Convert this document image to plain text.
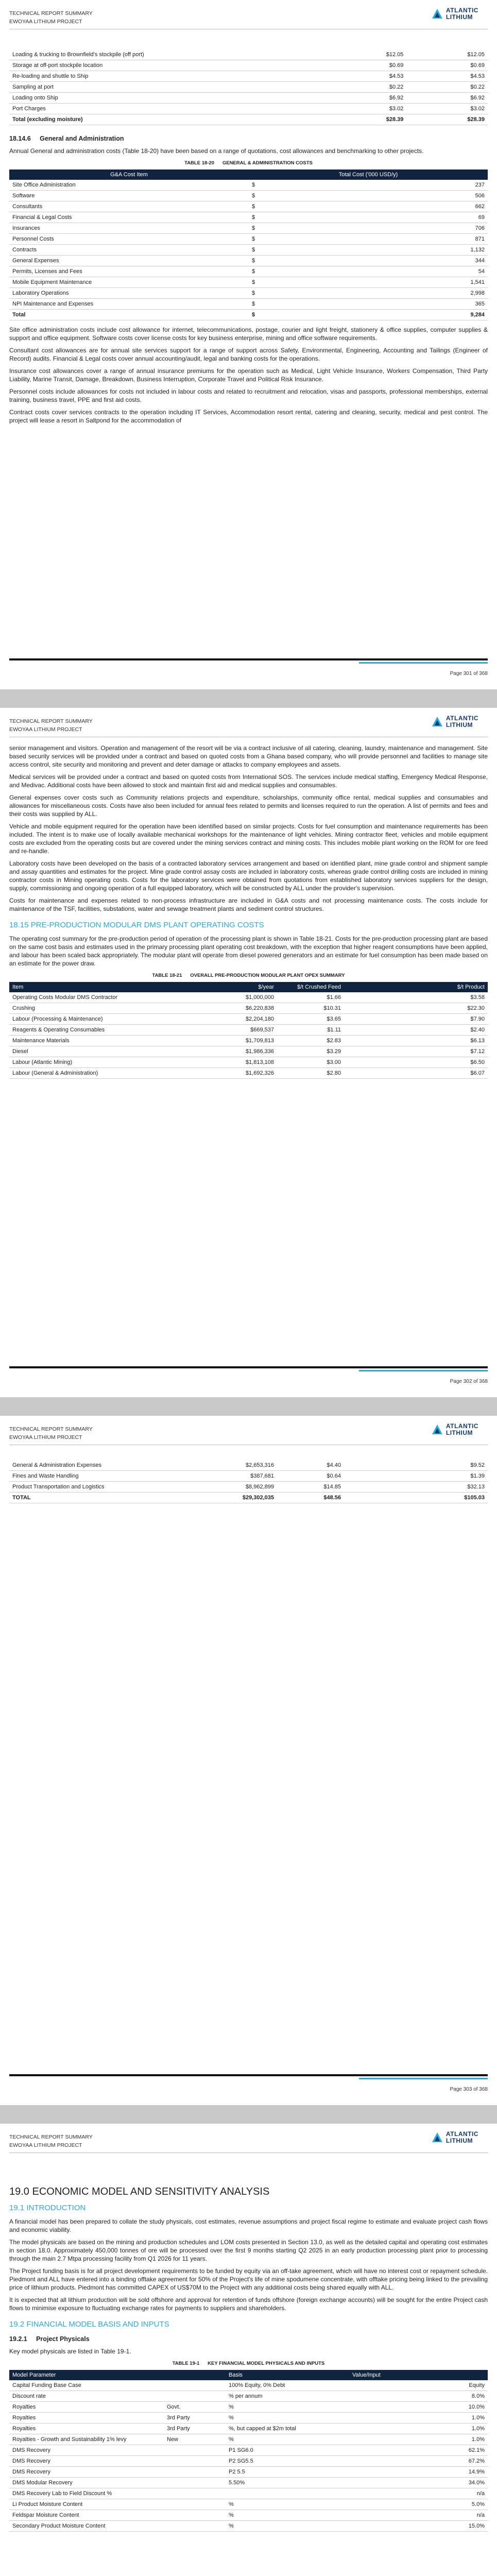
TECHNICAL REPORT SUMMARY
EWOYAA LITHIUM PROJECT
ATLANTIC
LITHIUM
Loading & trucking to Brownfield's stockpile (off port)	$12.05	$12.05
Storage at off-port stockpile location	$0.69	$0.69
Re-loading and shuttle to Ship	$4.53	$4.53
Sampling at port	$0.22	$0.22
Loading onto Ship	$6.92	$6.92
Port Charges	$3.02	$3.02
Total (excluding moisture)	$28.39	$28.39
18.14.6 General and Administration

Annual General and administration costs (Table 18-20) have been based on a range of quotations, cost allowances and benchmarking to other projects.

TABLE 18-20 GENERAL & ADMINISTRATION COSTS
G&A Cost Item	Total Cost ('000 USD/y)	
Site Office Administration	$	237
Software	$	506
Consultants	$	662
Financial & Legal Costs	$	69
Insurances	$	706
Personnel Costs	$	871
Contracts	$	1,132
General Expenses	$	344
Permits, Licenses and Fees	$	54
Mobile Equipment Maintenance	$	1,541
Laboratory Operations	$	2,998
NPI Maintenance and Expenses	$	365
Total	$	9,284

Site office administration costs include cost allowance for internet, telecommunications, postage, courier and light freight, stationery & office supplies, computer supplies & support and office equipment. Software costs cover license costs for key business enterprise, mining and office software requirements.

Consultant cost allowances are for annual site services support for a range of support across Safety, Environmental, Engineering, Accounting and Tailings (Engineer of Record) audits. Financial & Legal costs cover annual accounting/audit, legal and banking costs for the operations.

Insurance cost allowances cover a range of annual insurance premiums for the operation such as Medical, Light Vehicle Insurance, Workers Compensation, Third Party Liability, Marine Transit, Damage, Breakdown, Business Interruption, Corporate Travel and Political Risk Insurance.

Personnel costs include allowances for costs not included in labour costs and related to recruitment and relocation, visas and passports, professional memberships, external training, business travel, PPE and first aid costs.

Contract costs cover services contracts to the operation including IT Services, Accommodation resort rental, catering and cleaning, security, medical and pest control. The project will lease a resort in Saltpond for the accommodation of

Page 301 of 368
TECHNICAL REPORT SUMMARY
EWOYAA LITHIUM PROJECT
ATLANTIC
LITHIUM

senior management and visitors. Operation and management of the resort will be via a contract inclusive of all catering, cleaning, laundry, maintenance and management. Site based security services will be provided under a contract and based on quoted costs from a Ghana based company, who will provide personnel and facilities to manage site access control, site security and monitoring and prevent and deter damage or attacks to company employees and assets.

Medical services will be provided under a contract and based on quoted costs from International SOS. The services include medical staffing, Emergency Medical Response, and Medivac. Additional costs have been allowed to stock and maintain first aid and medical supplies and consumables.

General expenses cover costs such as Community relations projects and expenditure, scholarships, community office rental, medical supplies and consumables and allowances for miscellaneous costs. Costs have also been included for annual fees related to permits and licenses required to run the operation. A list of permits and fees and their costs was supplied by ALL.

Vehicle and mobile equipment required for the operation have been identified based on similar projects. Costs for fuel consumption and maintenance requirements has been included. The intent is to make use of locally available mechanical workshops for the maintenance of light vehicles. Mining contractor fleet, vehicles and mobile equipment costs are excluded from the operating costs but are covered under the mining services contract and mining costs. This includes mobile plant working on the ROM for ore feed and re-handle.

Laboratory costs have been developed on the basis of a contracted laboratory services arrangement and based on identified plant, mine grade control and shipment sample and assay quantities and estimates for the project. Mine grade control assay costs are included in laboratory costs, whereas grade control drilling costs are included in mining contractor costs in Mining operating costs. Costs for the laboratory services were obtained from quotations from established laboratory services suppliers for the design, supply, commissioning and ongoing operation of a full equipped laboratory, which will be constructed by ALL under the provider's supervision.

Costs for maintenance and expenses related to non-process infrastructure are included in G&A costs and not processing maintenance costs. The costs include for maintenance of the TSF, facilities, substations, water and sewage treatment plants and sediment control structures.

18.15 PRE-PRODUCTION MODULAR DMS PLANT OPERATING COSTS

The operating cost summary for the pre-production period of operation of the processing plant is shown in Table 18-21. Costs for the pre-production processing plant are based on the same cost basis and estimates used in the primary processing plant operating cost breakdown, with the exception that higher reagent consumptions have been applied, and labour has been scaled back appropriately. The modular plant will operate from diesel powered generators and an estimate for fuel consumption has been made based on an estimate for the power draw.

TABLE 18-21 OVERALL PRE-PRODUCTION MODULAR PLANT OPEX SUMMARY
Item	$/year	$/t Crushed Feed	$/t Product
Operating Costs Modular DMS Contractor	$1,000,000	$1.66	$3.58
Crushing	$6,220,838	$10.31	$22.30
Labour (Processing & Maintenance)	$2,204,180	$3.65	$7.90
Reagents & Operating Consumables	$669,537	$1.11	$2.40
Maintenance Materials	$1,709,813	$2.83	$6.13
Diesel	$1,986,336	$3.29	$7.12
Labour (Atlantic Mining)	$1,813,108	$3.00	$6.50
Labour (General & Administration)	$1,692,326	$2.80	$6.07
Page 302 of 368
TECHNICAL REPORT SUMMARY
EWOYAA LITHIUM PROJECT
ATLANTIC
LITHIUM
General & Administration Expenses	$2,653,316	$4.40	$9.52
Fines and Waste Handling	$387,681	$0.64	$1.39
Product Transportation and Logistics	$8,962,899	$14.85	$32.13
TOTAL	$29,302,035	$48.56	$105.03
Page 303 of 368
TECHNICAL REPORT SUMMARY
EWOYAA LITHIUM PROJECT
ATLANTIC
LITHIUM
19.0 ECONOMIC MODEL AND SENSITIVITY ANALYSIS
19.1 INTRODUCTION

A financial model has been prepared to collate the study physicals, cost estimates, revenue assumptions and project fiscal regime to estimate and evaluate project cash flows and economic viability.

The model physicals are based on the mining and production schedules and LOM costs presented in Section 13.0, as well as the detailed capital and operating cost estimates in section 18.0. Approximately 450,000 tonnes of ore will be processed over the first 9 months starting Q2 2025 in an early production processing plant prior to processing through the main 2.7 Mtpa processing facility from Q1 2026 for 11 years.

The Project funding basis is for all project development requirements to be funded by equity via an off-take agreement, which will have no interest cost or repayment schedule. Piedmont and ALL have entered into a binding offtake agreement for 50% of the Project's life of mine spodumene concentrate, with offtake pricing being linked to the prevailing price of lithium products. Piedmont has committed CAPEX of US$70M to the Project with any additional costs being shared equally with ALL.

It is expected that all lithium production will be sold offshore and approval for retention of funds offshore (foreign exchange accounts) will be sought for the entire Project cash flows to minimise exposure to fluctuating exchange rates for payments to suppliers and shareholders.

19.2 FINANCIAL MODEL BASIS AND INPUTS
19.2.1 Project Physicals

Key model physicals are listed in Table 19-1.

TABLE 19-1 KEY FINANCIAL MODEL PHYSICALS AND INPUTS
Model Parameter		Basis	Value/Input
Capital Funding Base Case		100% Equity, 0% Debt	Equity
Discount rate		% per annum	8.0%
Royalties	Govt.	%	10.0%
Royalties	3rd Party	%	1.0%
Royalties	3rd Party	%, but capped at $2m total	1.0%
Royalties - Growth and Sustainability 1% levy	New	%	1.0%
DMS Recovery		P1 SG6.0	62.1%
DMS Recovery		P2 SG5.5	67.2%
DMS Recovery		P2 5.5	14.9%
DMS Modular Recovery		5.50%	34.0%
DMS Recovery Lab to Field Discount %			n/a
Li Product Moisture Content		%	5.0%
Feldspar Moisture Content		%	n/a
Secondary Product Moisture Content		%	15.0%
